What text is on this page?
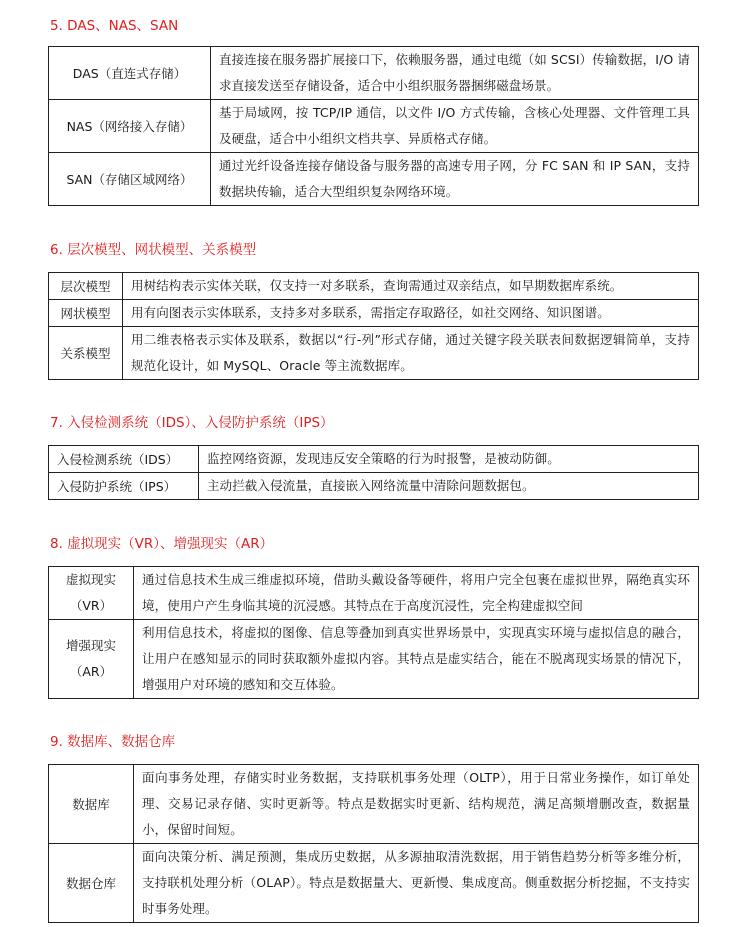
5. DAS、NAS、SAN
DAS（直连式存储）	直接连接在服务器扩展接口下，依赖服务器，通过电缆（如 SCSI）传输数据，I/O 请求直接发送至存储设备，适合中小组织服务器捆绑磁盘场景。
NAS（网络接入存储）	基于局域网，按 TCP/IP 通信，以文件 I/O 方式传输，含核心处理器、文件管理工具及硬盘，适合中小组织文档共享、异质格式存储。
SAN（存储区域网络）	通过光纤设备连接存储设备与服务器的高速专用子网，分 FC SAN 和 IP SAN，支持数据块传输，适合大型组织复杂网络环境。
6. 层次模型、网状模型、关系模型
层次模型	用树结构表示实体关联，仅支持一对多联系，查询需通过双亲结点，如早期数据库系统。
网状模型	用有向图表示实体联系，支持多对多联系，需指定存取路径，如社交网络、知识图谱。
关系模型	用二维表格表示实体及联系，数据以“行-列”形式存储，通过关键字段关联表间数据逻辑简单，支持规范化设计，如 MySQL、Oracle 等主流数据库。
7. 入侵检测系统（IDS）、入侵防护系统（IPS）
入侵检测系统（IDS）	监控网络资源，发现违反安全策略的行为时报警，是被动防御。
入侵防护系统（IPS）	主动拦截入侵流量，直接嵌入网络流量中清除问题数据包。
8. 虚拟现实（VR）、增强现实（AR）
虚拟现实（VR）	通过信息技术生成三维虚拟环境，借助头戴设备等硬件，将用户完全包裹在虚拟世界，隔绝真实环境，使用户产生身临其境的沉浸感。其特点在于高度沉浸性，完全构建虚拟空间
增强现实（AR）	利用信息技术，将虚拟的图像、信息等叠加到真实世界场景中，实现真实环境与虚拟信息的融合，让用户在感知显示的同时获取额外虚拟内容。其特点是虚实结合，能在不脱离现实场景的情况下，增强用户对环境的感知和交互体验。
9. 数据库、数据仓库
数据库	面向事务处理，存储实时业务数据，支持联机事务处理（OLTP），用于日常业务操作，如订单处理、交易记录存储、实时更新等。特点是数据实时更新、结构规范，满足高频增删改查，数据量小，保留时间短。
数据仓库	面向决策分析、满足预测，集成历史数据，从多源抽取清洗数据，用于销售趋势分析等多维分析，支持联机处理分析（OLAP）。特点是数据量大、更新慢、集成度高。侧重数据分析挖掘，不支持实时事务处理。
